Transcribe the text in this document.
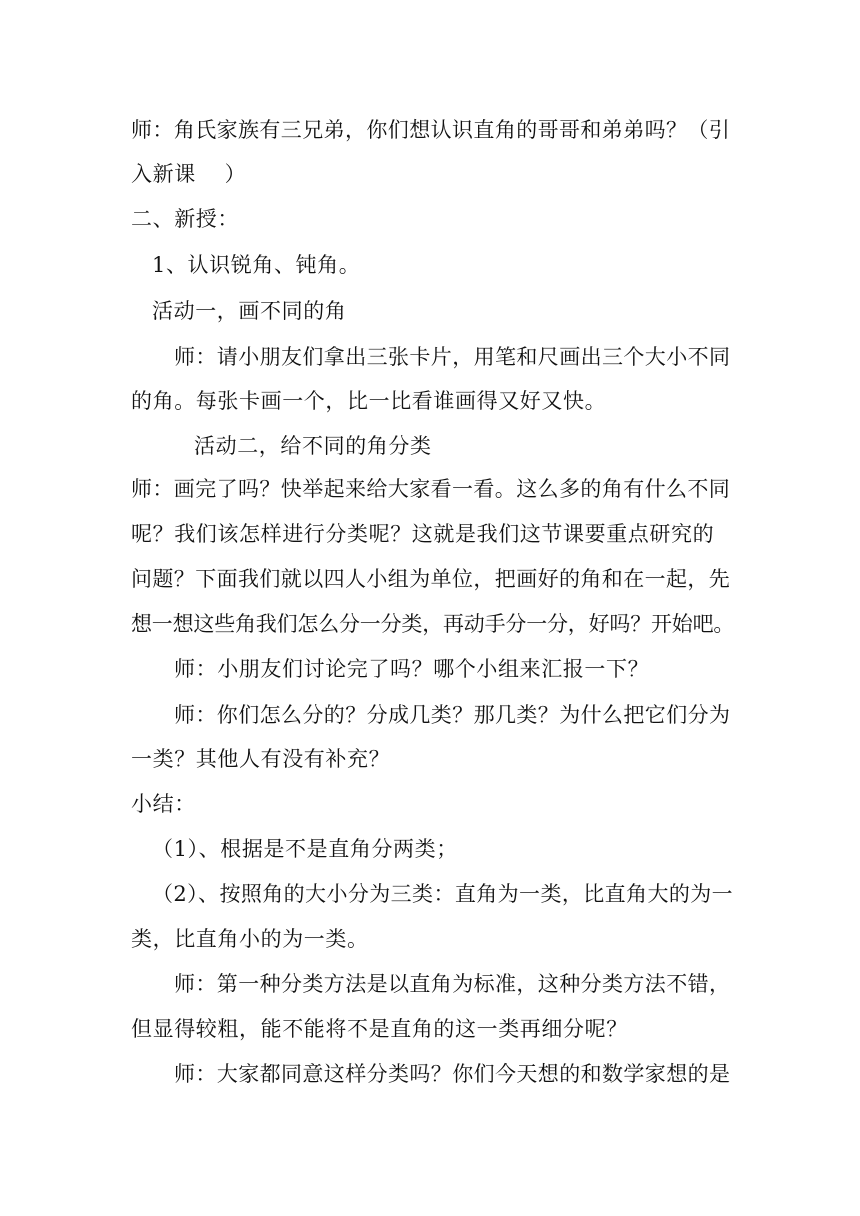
师：角氏家族有三兄弟，你们想认识直角的哥哥和弟弟吗？（引
入新课　 ）
二、新授：
1、认识锐角、钝角。
活动一，画不同的角
师：请小朋友们拿出三张卡片，用笔和尺画出三个大小不同
的角。每张卡画一个，比一比看谁画得又好又快。
活动二，给不同的角分类
师：画完了吗？快举起来给大家看一看。这么多的角有什么不同
呢？我们该怎样进行分类呢？这就是我们这节课要重点研究的
问题？下面我们就以四人小组为单位，把画好的角和在一起，先
想一想这些角我们怎么分一分类，再动手分一分，好吗？开始吧。
师：小朋友们讨论完了吗？哪个小组来汇报一下？
师：你们怎么分的？分成几类？那几类？为什么把它们分为
一类？其他人有没有补充？
小结：
（1）、根据是不是直角分两类；
（2）、按照角的大小分为三类：直角为一类，比直角大的为一
类，比直角小的为一类。
师：第一种分类方法是以直角为标准，这种分类方法不错，
但显得较粗，能不能将不是直角的这一类再细分呢？
师：大家都同意这样分类吗？你们今天想的和数学家想的是
